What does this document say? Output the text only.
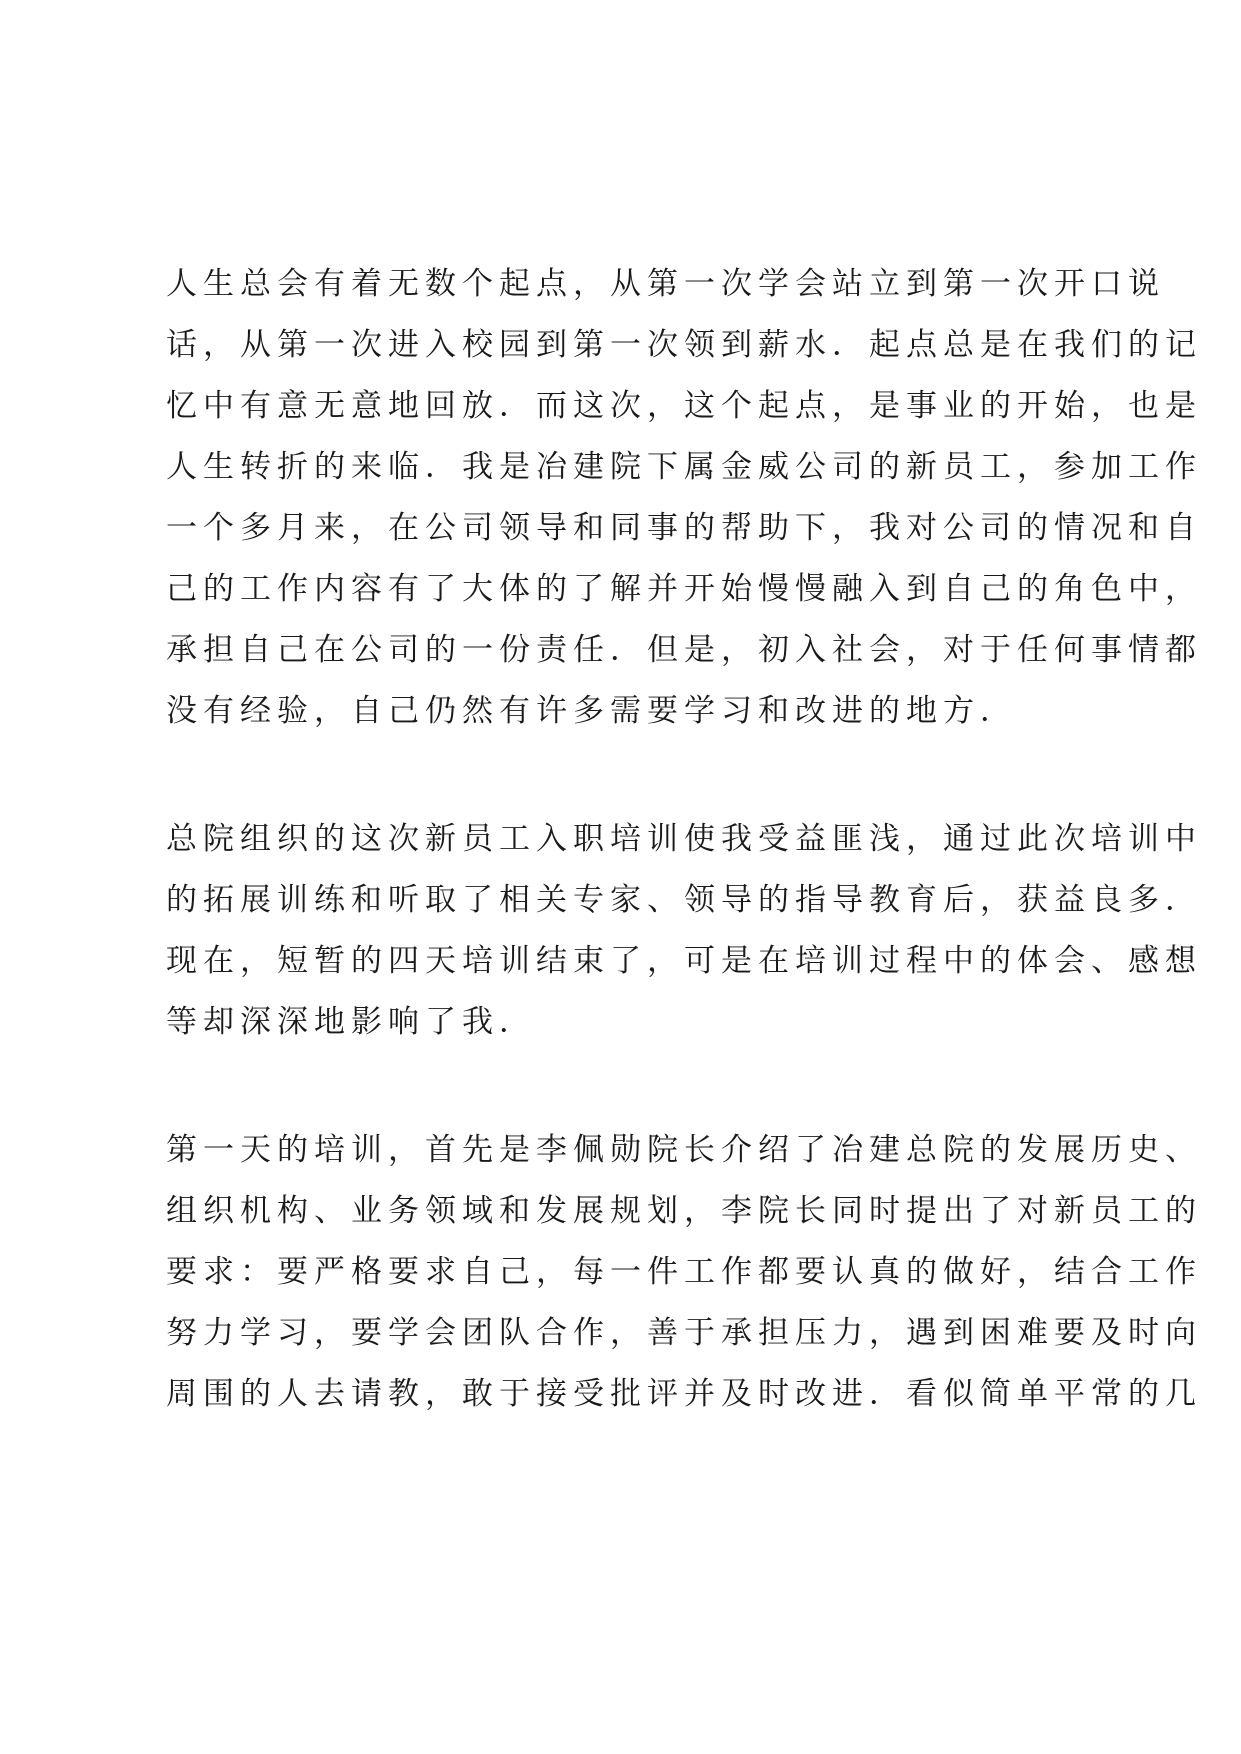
人生总会有着无数个起点，从第一次学会站立到第一次开口说
话，从第一次进入校园到第一次领到薪水．起点总是在我们的记
忆中有意无意地回放．而这次，这个起点，是事业的开始，也是
人生转折的来临．我是冶建院下属金威公司的新员工，参加工作
一个多月来，在公司领导和同事的帮助下，我对公司的情况和自
己的工作内容有了大体的了解并开始慢慢融入到自己的角色中，
承担自己在公司的一份责任．但是，初入社会，对于任何事情都
没有经验，自己仍然有许多需要学习和改进的地方．
总院组织的这次新员工入职培训使我受益匪浅，通过此次培训中
的拓展训练和听取了相关专家、领导的指导教育后，获益良多．
现在，短暂的四天培训结束了，可是在培训过程中的体会、感想
等却深深地影响了我．
第一天的培训，首先是李佩勋院长介绍了冶建总院的发展历史、
组织机构、业务领域和发展规划，李院长同时提出了对新员工的
要求：要严格要求自己，每一件工作都要认真的做好，结合工作
努力学习，要学会团队合作，善于承担压力，遇到困难要及时向
周围的人去请教，敢于接受批评并及时改进．看似简单平常的几
